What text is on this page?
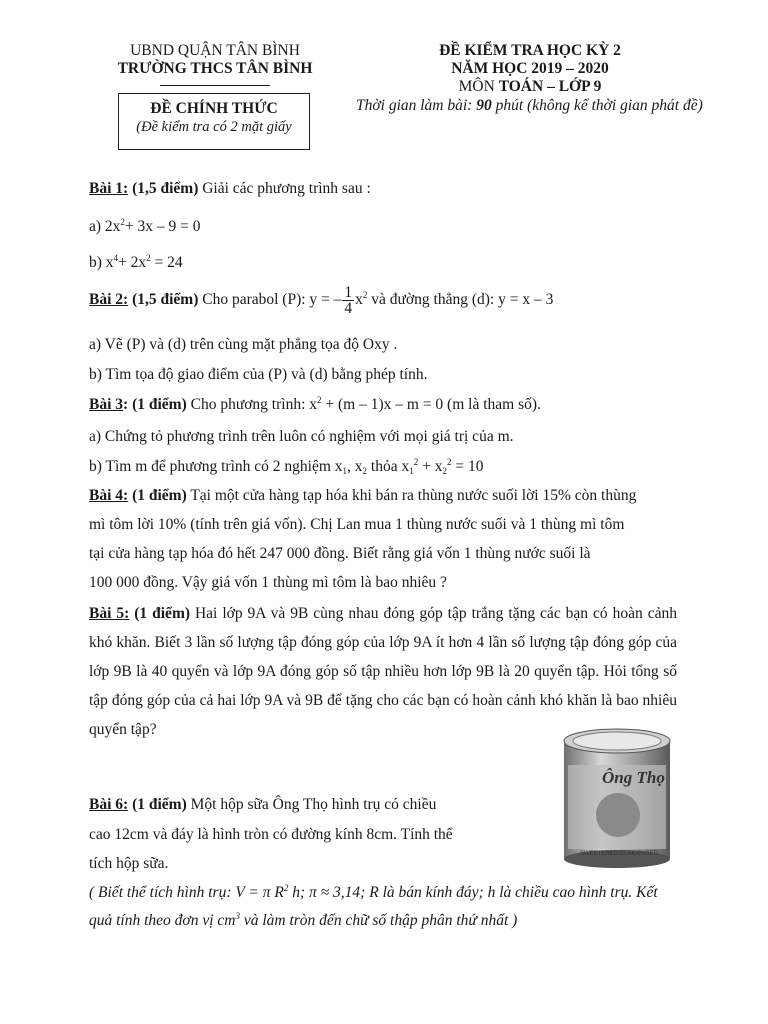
UBND QUẬN TÂN BÌNH
TRƯỜNG THCS TÂN BÌNH
ĐỀ CHÍNH THỨC
(Đề kiểm tra có 2 mặt giấy
ĐỀ KIỂM TRA HỌC KỲ 2
NĂM HỌC 2019 – 2020
MÔN TOÁN – LỚP 9
Thời gian làm bài: 90 phút (không kể thời gian phát đề)
Bài 1: (1,5 điểm) Giải các phương trình sau :
a) $2x^2+ 3x - 9 = 0$
b) $x^4+ 2x^2 = 24$
Bài 2: (1,5 điểm) Cho parabol (P): y = – $\frac{1}{4} x^2$ và đường thẳng (d): y = x – 3
a) Vẽ (P) và (d) trên cùng mặt phẳng tọa độ Oxy .
b) Tìm tọa độ giao điểm của (P) và (d) bằng phép tính.
Bài 3: (1 điểm) Cho phương trình: $x^2 + (m - 1)x - m = 0$ (m là tham số).
a) Chứng tỏ phương trình trên luôn có nghiệm với mọi giá trị của m.
b) Tìm m để phương trình có 2 nghiệm $x_1$, $x_2$ thỏa $x_1^2 + x_2^2 = 10$
Bài 4: (1 điểm) Tại một cửa hàng tạp hóa khi bán ra thùng nước suối lời 15% còn thùng
mì tôm lời 10% (tính trên giá vốn). Chị Lan mua 1 thùng nước suối và 1 thùng mì tôm
tại cửa hàng tạp hóa đó hết 247 000 đồng. Biết rằng giá vốn 1 thùng nước suối là
100 000 đồng. Vậy giá vốn 1 thùng mì tôm là bao nhiêu ?
Bài 5: (1 điểm) Hai lớp 9A và 9B cùng nhau đóng góp tập trắng tặng các bạn có hoàn cảnh khó khăn. Biết 3 lần số lượng tập đóng góp của lớp 9A ít hơn 4 lần số lượng tập đóng góp của lớp 9B là 40 quyển và lớp 9A đóng góp số tập nhiều hơn lớp 9B là 20 quyển tập. Hỏi tổng số tập đóng góp của cả hai lớp 9A và 9B để tặng cho các bạn có hoàn cảnh khó khăn là bao nhiêu quyển tập?
Bài 6: (1 điểm) Một hộp sữa Ông Thọ hình trụ có chiều
cao 12cm và đáy là hình tròn có đường kính 8cm. Tính thể
tích hộp sữa.
( Biết thể tích hình trụ: V = π $R^2$ h; π ≈ 3,14; R là bán kính đáy; h là chiều cao hình trụ. Kết
quả tính theo đơn vị $cm^3$ và làm tròn đến chữ số thập phân thứ nhất )
Ông Thọ
SWEETENED CONDENSED
